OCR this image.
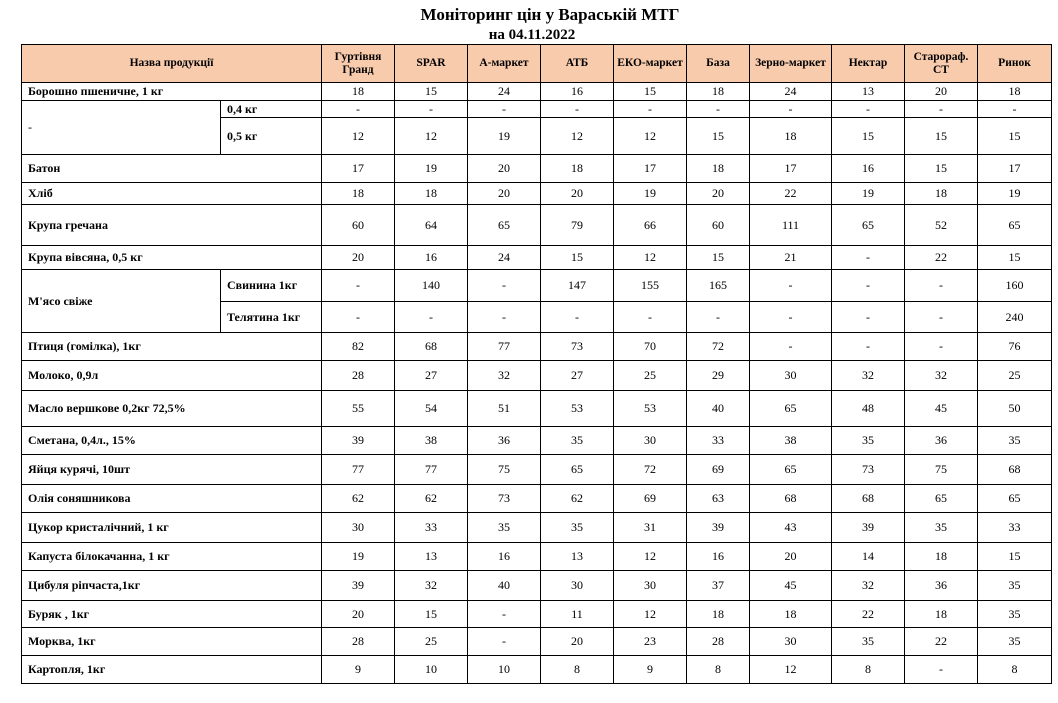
Моніторинг цін у Вараській МТГ
на 04.11.2022
Назва продукції		Гуртівня Гранд	SPAR	А-маркет	АТБ	ЕКО-маркет	База	Зерно-маркет	Нектар	Старораф. СТ	Ринок
Борошно пшеничне, 1 кг		18	15	24	16	15	18	24	13	20	18
-	0,4 кг	-	-	-	-	-	-	-	-	-	-
	0,5 кг	12	12	19	12	12	15	18	15	15	15
Батон		17	19	20	18	17	18	17	16	15	17
Хліб		18	18	20	20	19	20	22	19	18	19
Крупа гречана		60	64	65	79	66	60	111	65	52	65
Крупа вівсяна, 0,5 кг		20	16	24	15	12	15	21	-	22	15
М'ясо свіже	Свинина 1кг	-	140	-	147	155	165	-	-	-	160
	Телятина 1кг	-	-	-	-	-	-	-	-	-	240
Птиця (гомілка), 1кг		82	68	77	73	70	72	-	-	-	76
Молоко, 0,9л		28	27	32	27	25	29	30	32	32	25
Масло вершкове 0,2кг 72,5%		55	54	51	53	53	40	65	48	45	50
Сметана, 0,4л., 15%		39	38	36	35	30	33	38	35	36	35
Яйця курячі, 10шт		77	77	75	65	72	69	65	73	75	68
Олія соняшникова		62	62	73	62	69	63	68	68	65	65
Цукор кристалічний, 1 кг		30	33	35	35	31	39	43	39	35	33
Капуста білокачанна, 1 кг		19	13	16	13	12	16	20	14	18	15
Цибуля ріпчаста,1кг		39	32	40	30	30	37	45	32	36	35
Буряк , 1кг		20	15	-	11	12	18	18	22	18	35
Морква, 1кг		28	25	-	20	23	28	30	35	22	35
Картопля, 1кг		9	10	10	8	9	8	12	8	-	8
